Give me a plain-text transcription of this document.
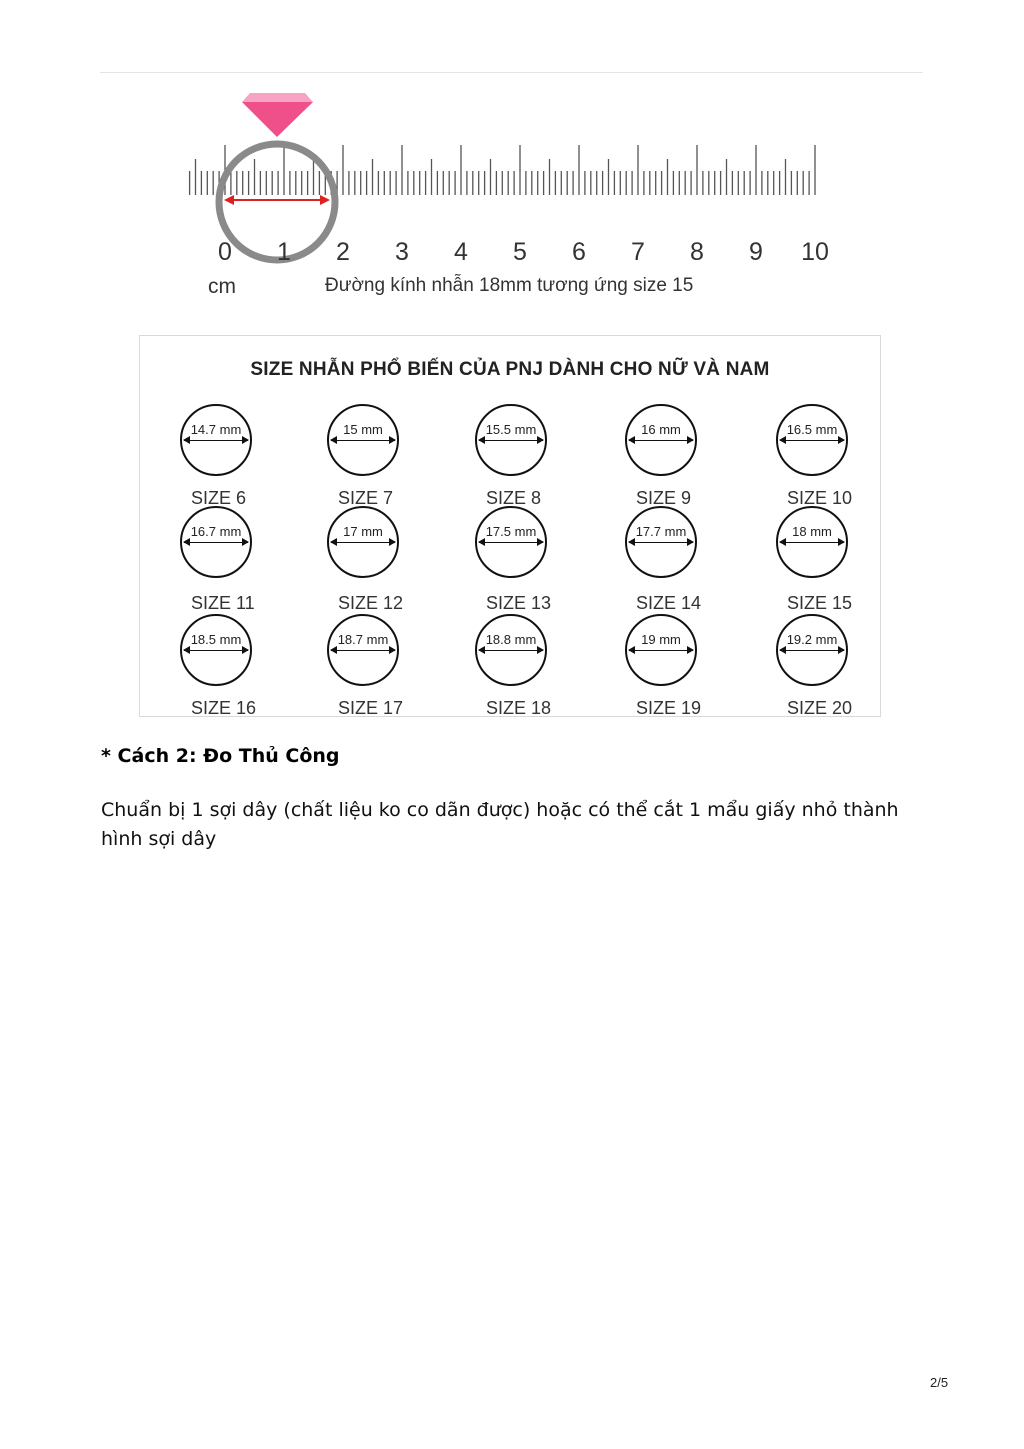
0	1	2	3	4	5	6	7	8	9	10
cm	Đường kính nhẫn 18mm tương ứng size 15
SIZE NHẪN PHỔ BIẾN CỦA PNJ DÀNH CHO NỮ VÀ NAM
14.7 mm
SIZE 6
15 mm
SIZE 7
15.5 mm
SIZE 8
16 mm
SIZE 9
16.5 mm
SIZE 10
16.7 mm
SIZE 11
17 mm
SIZE 12
17.5 mm
SIZE 13
17.7 mm
SIZE 14
18 mm
SIZE 15
18.5 mm
SIZE 16
18.7 mm
SIZE 17
18.8 mm
SIZE 18
19 mm
SIZE 19
19.2 mm
SIZE 20
* Cách 2: Đo Thủ Công
Chuẩn bị 1 sợi dây (chất liệu ko co dãn được) hoặc có thể cắt 1 mẩu giấy nhỏ thành hình sợi dây
2/5
